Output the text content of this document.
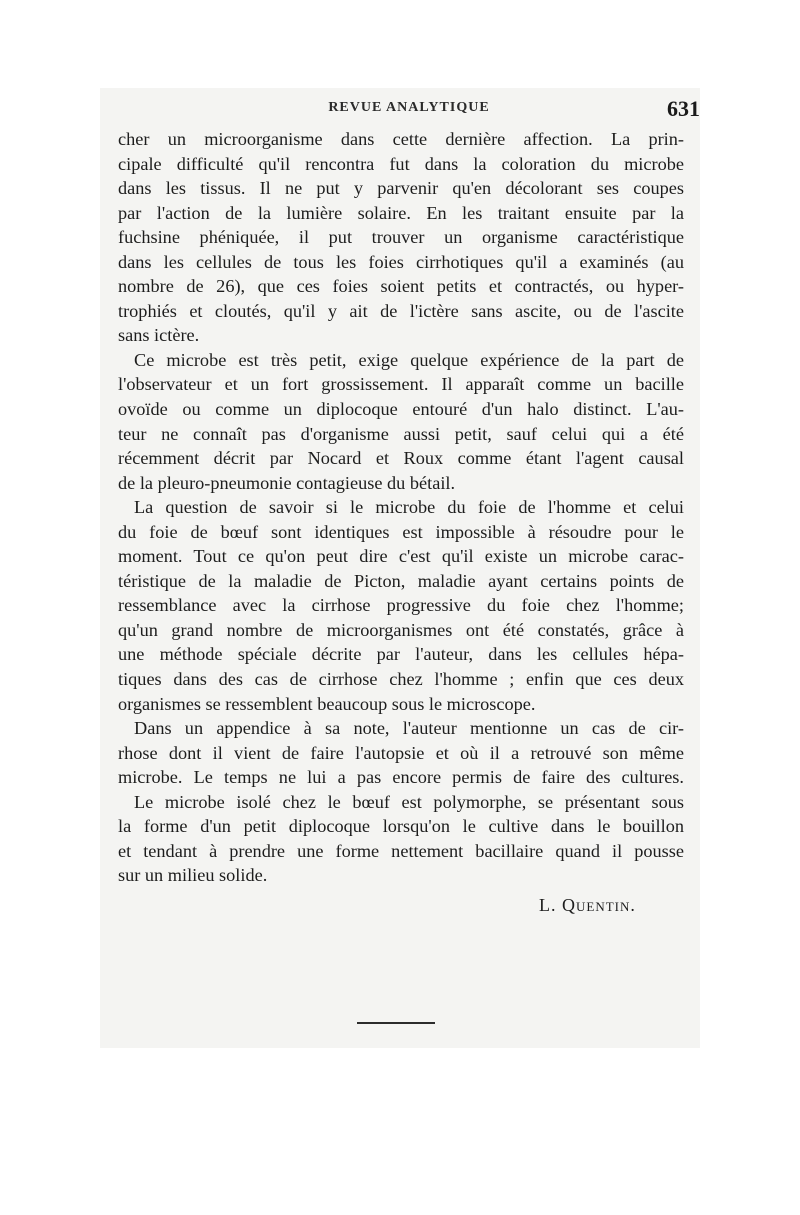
REVUE ANALYTIQUE	631
cher un microorganisme dans cette dernière affection. La prin-
cipale difficulté qu'il rencontra fut dans la coloration du microbe
dans les tissus. Il ne put y parvenir qu'en décolorant ses coupes
par l'action de la lumière solaire. En les traitant ensuite par la
fuchsine phéniquée, il put trouver un organisme caractéristique
dans les cellules de tous les foies cirrhotiques qu'il a examinés (au
nombre de 26), que ces foies soient petits et contractés, ou hyper-
trophiés et cloutés, qu'il y ait de l'ictère sans ascite, ou de l'ascite
sans ictère.
Ce microbe est très petit, exige quelque expérience de la part de
l'observateur et un fort grossissement. Il apparaît comme un bacille
ovoïde ou comme un diplocoque entouré d'un halo distinct. L'au-
teur ne connaît pas d'organisme aussi petit, sauf celui qui a été
récemment décrit par Nocard et Roux comme étant l'agent causal
de la pleuro-pneumonie contagieuse du bétail.
La question de savoir si le microbe du foie de l'homme et celui
du foie de bœuf sont identiques est impossible à résoudre pour le
moment. Tout ce qu'on peut dire c'est qu'il existe un microbe carac-
téristique de la maladie de Picton, maladie ayant certains points de
ressemblance avec la cirrhose progressive du foie chez l'homme;
qu'un grand nombre de microorganismes ont été constatés, grâce à
une méthode spéciale décrite par l'auteur, dans les cellules hépa-
tiques dans des cas de cirrhose chez l'homme ; enfin que ces deux
organismes se ressemblent beaucoup sous le microscope.
Dans un appendice à sa note, l'auteur mentionne un cas de cir-
rhose dont il vient de faire l'autopsie et où il a retrouvé son même
microbe. Le temps ne lui a pas encore permis de faire des cultures.
Le microbe isolé chez le bœuf est polymorphe, se présentant sous
la forme d'un petit diplocoque lorsqu'on le cultive dans le bouillon
et tendant à prendre une forme nettement bacillaire quand il pousse
sur un milieu solide.
L. Quentin.
